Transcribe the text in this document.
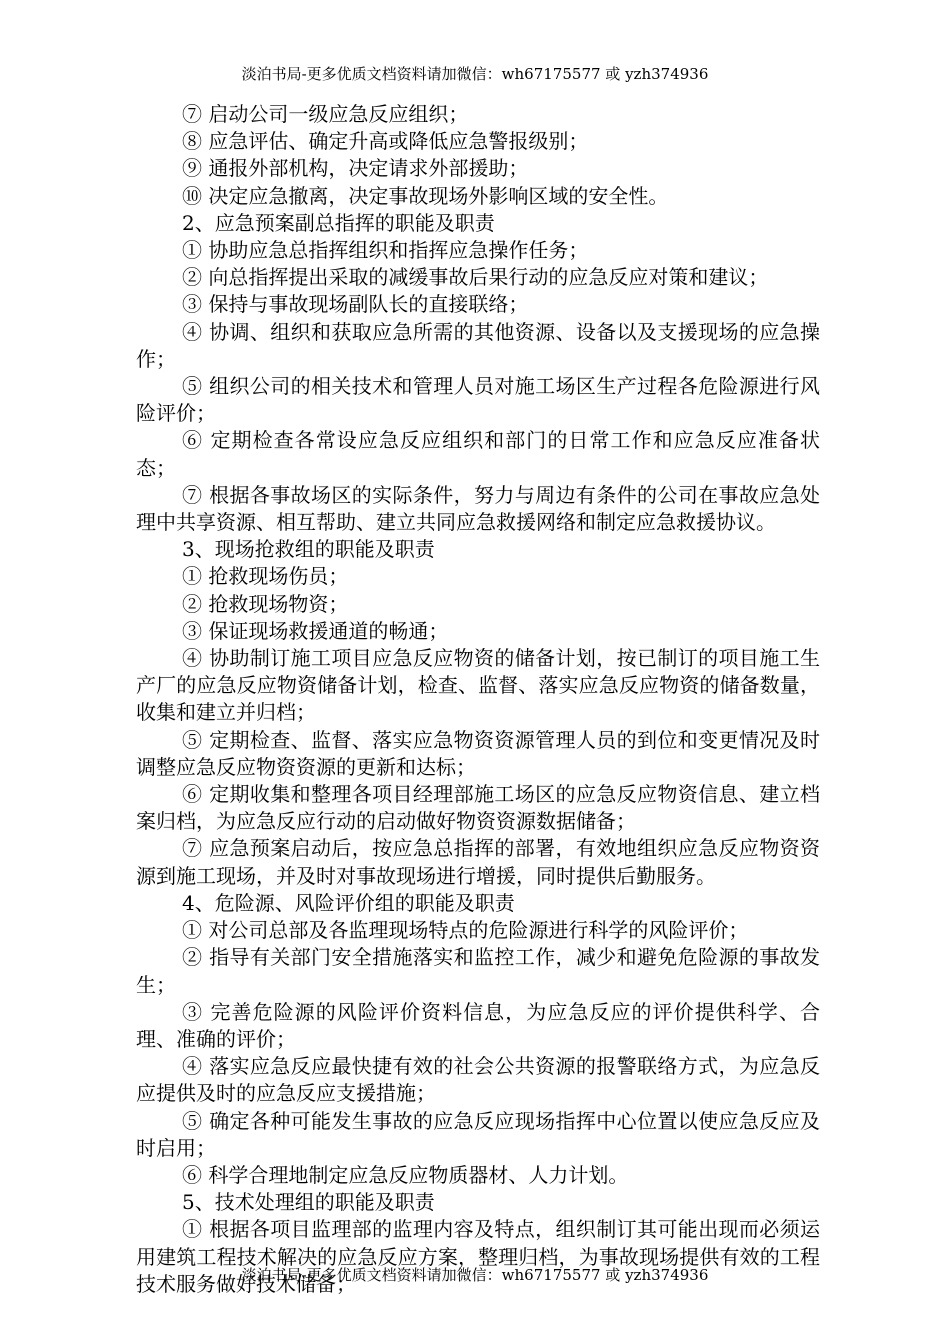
淡泊书局-更多优质文档资料请加微信：wh67175577 或 yzh374936

⑦ 启动公司一级应急反应组织；

⑧ 应急评估、确定升高或降低应急警报级别；

⑨ 通报外部机构，决定请求外部援助；

⑩ 决定应急撤离，决定事故现场外影响区域的安全性。

2、应急预案副总指挥的职能及职责

① 协助应急总指挥组织和指挥应急操作任务；

② 向总指挥提出采取的减缓事故后果行动的应急反应对策和建议；

③ 保持与事故现场副队长的直接联络；

④ 协调、组织和获取应急所需的其他资源、设备以及支援现场的应急操作；

⑤ 组织公司的相关技术和管理人员对施工场区生产过程各危险源进行风险评价；

⑥ 定期检查各常设应急反应组织和部门的日常工作和应急反应准备状态；

⑦ 根据各事故场区的实际条件，努力与周边有条件的公司在事故应急处理中共享资源、相互帮助、建立共同应急救援网络和制定应急救援协议。

3、现场抢救组的职能及职责

① 抢救现场伤员；

② 抢救现场物资；

③ 保证现场救援通道的畅通；

④ 协助制订施工项目应急反应物资的储备计划，按已制订的项目施工生产厂的应急反应物资储备计划，检查、监督、落实应急反应物资的储备数量，收集和建立并归档；

⑤ 定期检查、监督、落实应急物资资源管理人员的到位和变更情况及时调整应急反应物资资源的更新和达标；

⑥ 定期收集和整理各项目经理部施工场区的应急反应物资信息、建立档案归档，为应急反应行动的启动做好物资资源数据储备；

⑦ 应急预案启动后，按应急总指挥的部署，有效地组织应急反应物资资源到施工现场，并及时对事故现场进行增援，同时提供后勤服务。

4、危险源、风险评价组的职能及职责

① 对公司总部及各监理现场特点的危险源进行科学的风险评价；

② 指导有关部门安全措施落实和监控工作，减少和避免危险源的事故发生；

③ 完善危险源的风险评价资料信息，为应急反应的评价提供科学、合理、准确的评价；

④ 落实应急反应最快捷有效的社会公共资源的报警联络方式，为应急反应提供及时的应急反应支援措施；

⑤ 确定各种可能发生事故的应急反应现场指挥中心位置以使应急反应及时启用；

⑥ 科学合理地制定应急反应物质器材、人力计划。

5、技术处理组的职能及职责

① 根据各项目监理部的监理内容及特点，组织制订其可能出现而必须运用建筑工程技术解决的应急反应方案，整理归档，为事故现场提供有效的工程技术服务做好技术储备；

淡泊书局-更多优质文档资料请加微信：wh67175577 或 yzh374936
